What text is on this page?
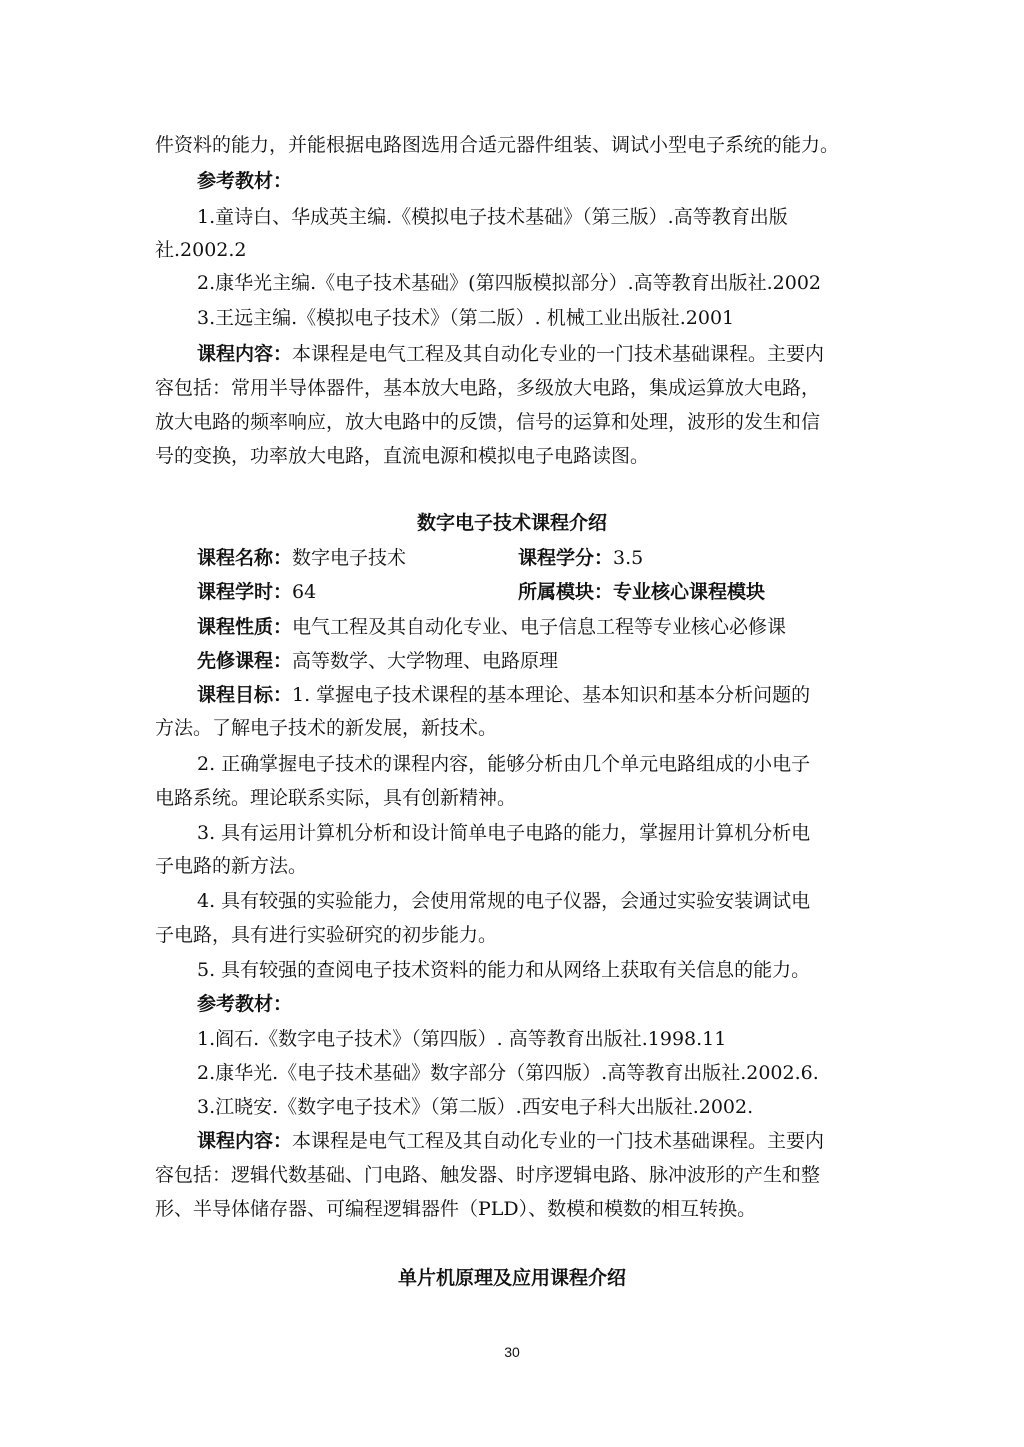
件资料的能力，并能根据电路图选用合适元器件组装、调试小型电子系统的能力。
参考教材：
1.童诗白、华成英主编.《模拟电子技术基础》（第三版）.高等教育出版
社.2002.2
2.康华光主编.《电子技术基础》(第四版模拟部分）.高等教育出版社.2002
3.王远主编.《模拟电子技术》（第二版）. 机械工业出版社.2001
课程内容：本课程是电气工程及其自动化专业的一门技术基础课程。主要内
容包括：常用半导体器件，基本放大电路，多级放大电路，集成运算放大电路，
放大电路的频率响应，放大电路中的反馈，信号的运算和处理，波形的发生和信
号的变换，功率放大电路，直流电源和模拟电子电路读图。
数字电子技术课程介绍
课程名称：数字电子技术	课程学分：3.5
课程学时：64	所属模块：专业核心课程模块
课程性质：电气工程及其自动化专业、电子信息工程等专业核心必修课
先修课程：高等数学、大学物理、电路原理
课程目标：1. 掌握电子技术课程的基本理论、基本知识和基本分析问题的
方法。了解电子技术的新发展，新技术。
2. 正确掌握电子技术的课程内容，能够分析由几个单元电路组成的小电子
电路系统。理论联系实际，具有创新精神。
3. 具有运用计算机分析和设计简单电子电路的能力，掌握用计算机分析电
子电路的新方法。
4. 具有较强的实验能力，会使用常规的电子仪器，会通过实验安装调试电
子电路，具有进行实验研究的初步能力。
5. 具有较强的查阅电子技术资料的能力和从网络上获取有关信息的能力。
参考教材：
1.阎石.《数字电子技术》（第四版）. 高等教育出版社.1998.11
2.康华光.《电子技术基础》数字部分（第四版）.高等教育出版社.2002.6.
3.江晓安.《数字电子技术》（第二版）.西安电子科大出版社.2002.
课程内容：本课程是电气工程及其自动化专业的一门技术基础课程。主要内
容包括：逻辑代数基础、门电路、触发器、时序逻辑电路、脉冲波形的产生和整
形、半导体储存器、可编程逻辑器件（PLD）、数模和模数的相互转换。
单片机原理及应用课程介绍
30
